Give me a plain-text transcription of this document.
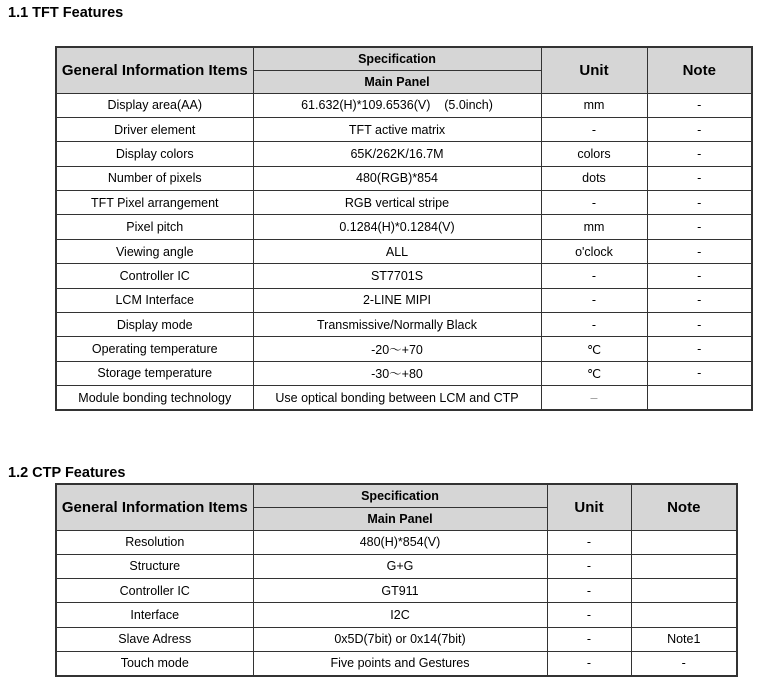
1.1 TFT Features
General Information Items	Specification	Unit	Note
	Main Panel		
Display area(AA)	61.632(H)*109.6536(V)    (5.0inch)	mm	-
Driver element	TFT active matrix	-	-
Display colors	65K/262K/16.7M	colors	-
Number of pixels	480(RGB)*854	dots	-
TFT Pixel arrangement	RGB vertical stripe	-	-
Pixel pitch	0.1284(H)*0.1284(V)	mm	-
Viewing angle	ALL	o'clock	-
Controller IC	ST7701S	-	-
LCM Interface	2-LINE MIPI	-	-
Display mode	Transmissive/Normally Black	-	-
Operating temperature	-20～+70	℃	-
Storage temperature	-30～+80	℃	-
Module bonding technology	Use optical bonding between LCM and CTP	–	
1.2 CTP Features
General Information Items	Specification	Unit	Note
	Main Panel		
Resolution	480(H)*854(V)	-	
Structure	G+G	-	
Controller IC	GT911	-	
Interface	I2C	-	
Slave Adress	0x5D(7bit) or 0x14(7bit)	-	Note1
Touch mode	Five points and Gestures	-	-
